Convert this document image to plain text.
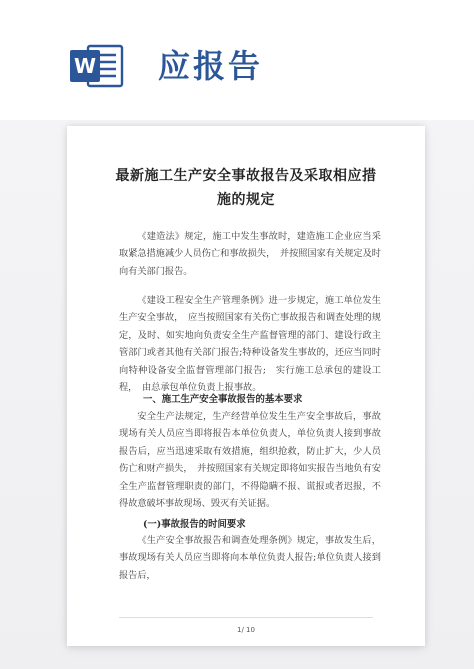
W 应报告
最新施工生产安全事故报告及采取相应措
施的规定

《建造法》规定，施工中发生事故时，建造施工企业应当采取紧急措施减少人员伤亡和事故损失，　并按照国家有关规定及时向有关部门报告。

《建设工程安全生产管理条例》进一步规定，施工单位发生生产安全事故，　应当按照国家有关伤亡事故报告和调查处理的规定，及时、如实地向负责安全生产监督管理的部门、建设行政主管部门或者其他有关部门报告;特种设备发生事故的，还应当同时向特种设备安全监督管理部门报告;　实行施工总承包的建设工程，　由总承包单位负责上报事故。

一、施工生产安全事故报告的基本要求

安全生产法规定，生产经营单位发生生产安全事故后，事故现场有关人员应当即将报告本单位负责人，单位负责人接到事故报告后，应当迅速采取有效措施，组织抢救，防止扩大，少人员伤亡和财产损失，　并按照国家有关规定即将如实报告当地负有安全生产监督管理职责的部门，不得隐瞒不报、谎报或者迟报，不得故意破坏事故现场、毁灭有关证据。

(一)事故报告的时间要求

《生产安全事故报告和调查处理条例》规定，事故发生后，事故现场有关人员应当即将向本单位负责人报告;单位负责人接到报告后，

1/ 10
